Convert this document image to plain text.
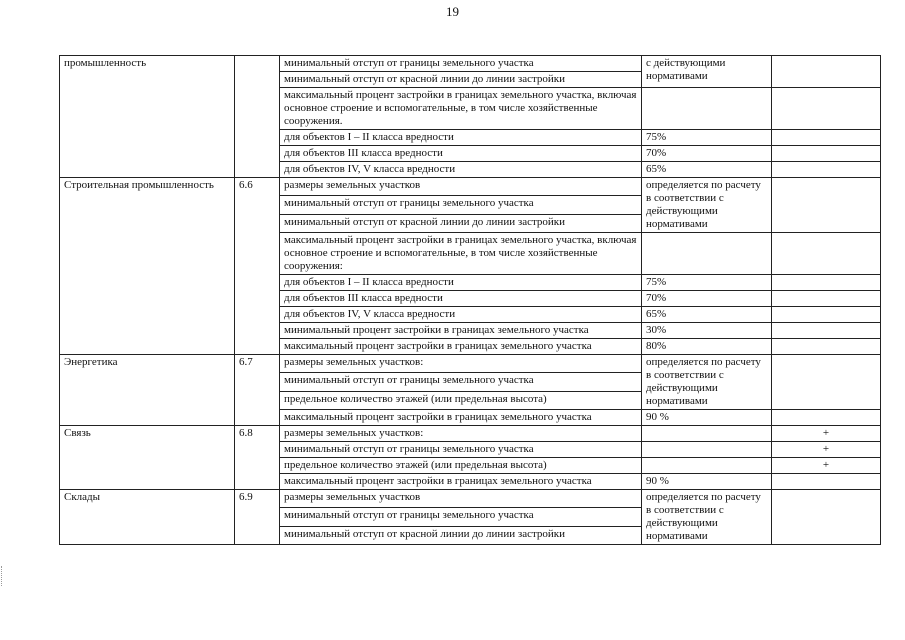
19
промышленность		минимальный отступ от границы земельного участка	с действующими нормативами	
		минимальный отступ от красной линии до линии застройки		
		максимальный процент застройки в границах земельного участка, включая основное строение и вспомогательные, в том числе хозяйственные сооружения.		
		для объектов I – II класса вредности	75%	
		для объектов III класса вредности	70%	
		для объектов IV, V класса вредности	65%	
Строительная промышленность	6.6	размеры земельных участков	определяется по расчету в соответствии с действующими нормативами	
		минимальный отступ от границы земельного участка		
		минимальный отступ от красной линии до линии застройки		
		максимальный процент застройки в границах земельного участка, включая основное строение и вспомогательные, в том числе хозяйственные сооружения:		
		для объектов I – II класса вредности	75%	
		для объектов III класса вредности	70%	
		для объектов IV, V класса вредности	65%	
		минимальный процент застройки в границах земельного участка	30%	
		максимальный процент застройки в границах земельного участка	80%	
Энергетика	6.7	размеры земельных участков:	определяется по расчету в соответствии с действующими нормативами	
		минимальный отступ от границы земельного участка		
		предельное количество этажей (или предельная высота)		
		максимальный процент застройки в границах земельного участка	90 %	
Связь	6.8	размеры земельных участков:		+
		минимальный отступ от границы земельного участка		+
		предельное количество этажей (или предельная высота)		+
		максимальный процент застройки в границах земельного участка	90 %	
Склады	6.9	размеры земельных участков	определяется по расчету в соответствии с действующими нормативами	
		минимальный отступ от границы земельного участка		
		минимальный отступ от красной линии до линии застройки		
